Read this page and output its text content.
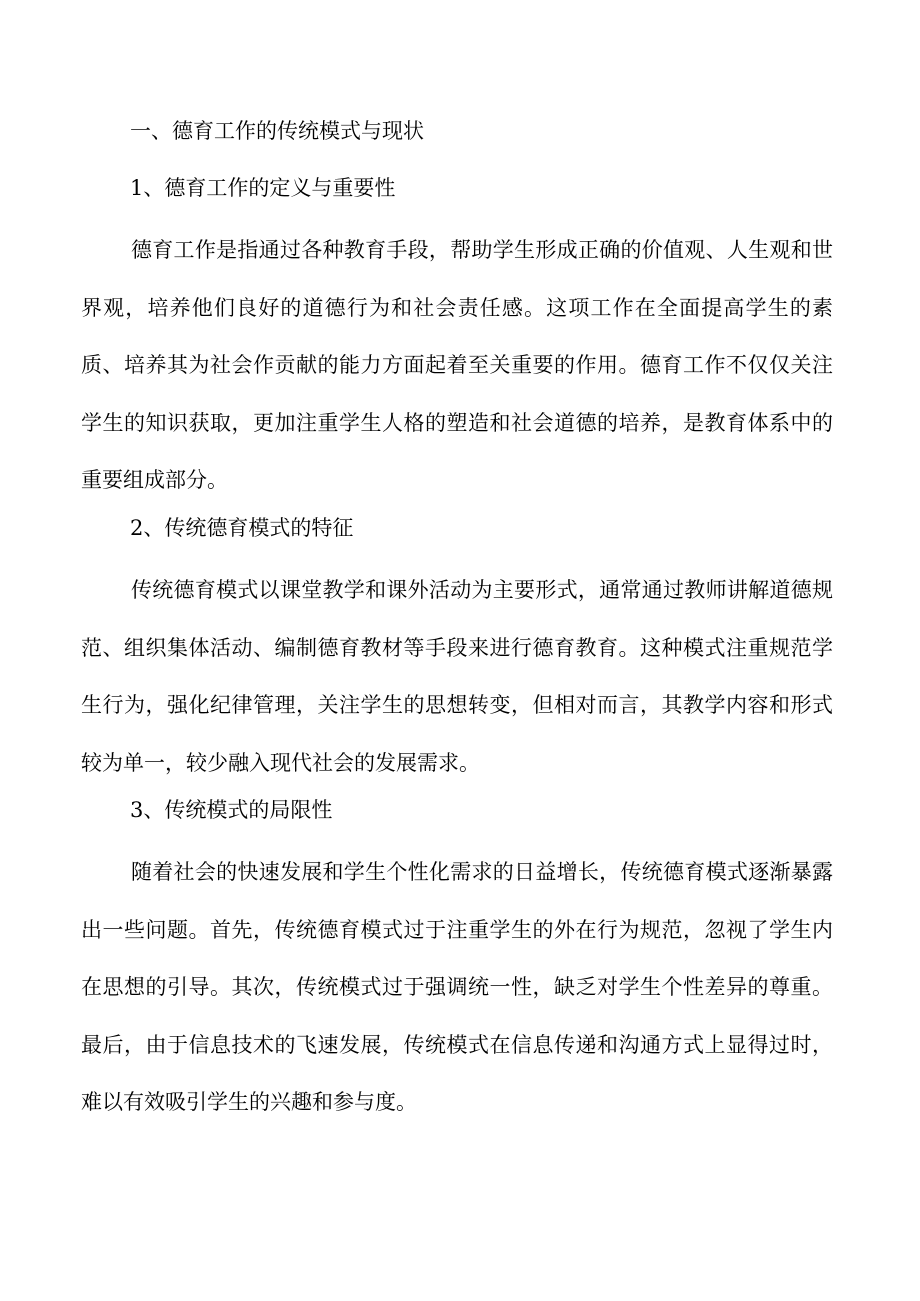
一、德育工作的传统模式与现状
1、德育工作的定义与重要性

德育工作是指通过各种教育手段，帮助学生形成正确的价值观、人生观和世界观，培养他们良好的道德行为和社会责任感。这项工作在全面提高学生的素质、培养其为社会作贡献的能力方面起着至关重要的作用。德育工作不仅仅关注学生的知识获取，更加注重学生人格的塑造和社会道德的培养，是教育体系中的重要组成部分。

2、传统德育模式的特征

传统德育模式以课堂教学和课外活动为主要形式，通常通过教师讲解道德规范、组织集体活动、编制德育教材等手段来进行德育教育。这种模式注重规范学生行为，强化纪律管理，关注学生的思想转变，但相对而言，其教学内容和形式较为单一，较少融入现代社会的发展需求。

3、传统模式的局限性

随着社会的快速发展和学生个性化需求的日益增长，传统德育模式逐渐暴露出一些问题。首先，传统德育模式过于注重学生的外在行为规范，忽视了学生内在思想的引导。其次，传统模式过于强调统一性，缺乏对学生个性差异的尊重。最后，由于信息技术的飞速发展，传统模式在信息传递和沟通方式上显得过时，难以有效吸引学生的兴趣和参与度。
